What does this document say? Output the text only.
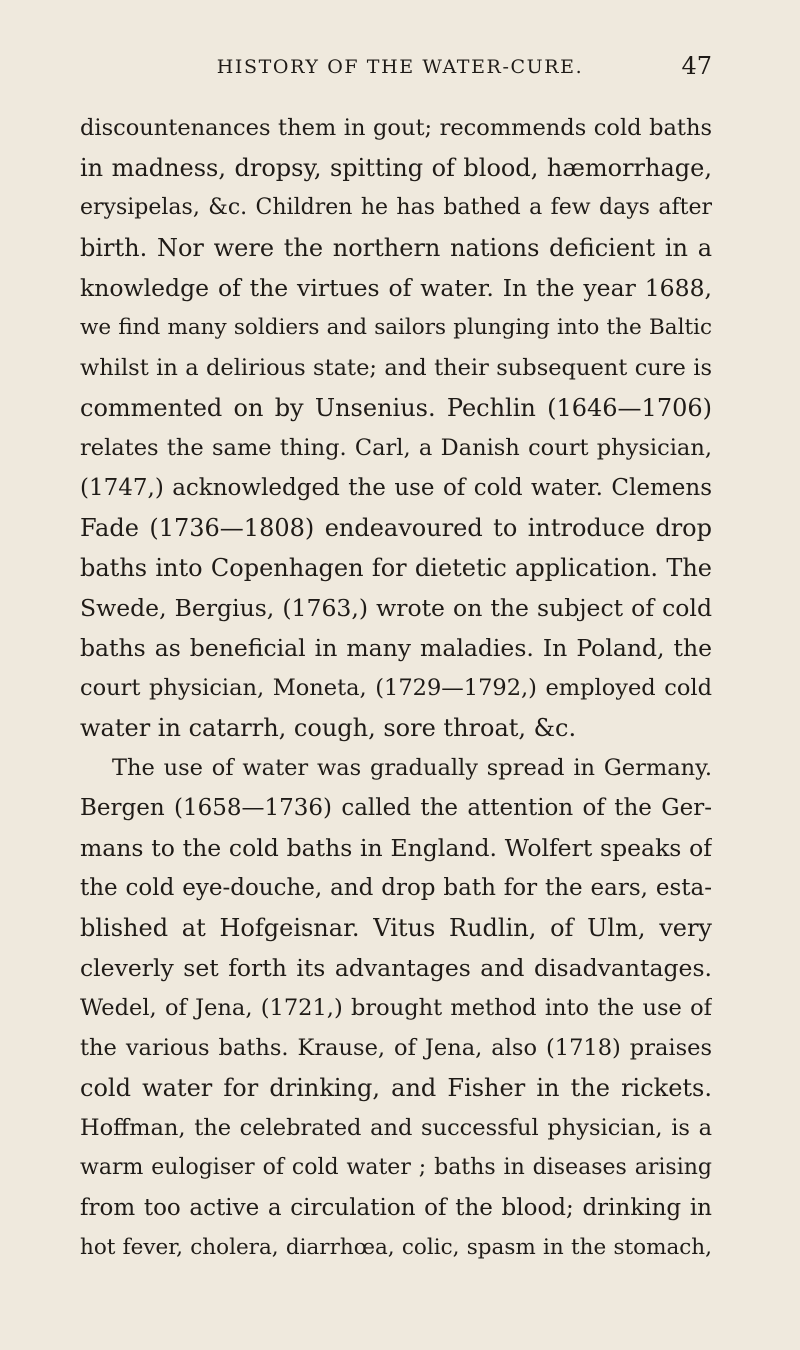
HISTORY OF THE WATER-CURE.	47
discountenances them in gout; recommends cold baths
in madness, dropsy, spitting of blood, hæmorrhage,
erysipelas, &c. Children he has bathed a few days after
birth. Nor were the northern nations deficient in a
knowledge of the virtues of water. In the year 1688,
we find many soldiers and sailors plunging into the Baltic
whilst in a delirious state; and their subsequent cure is
commented on by Unsenius. Pechlin (1646—1706)
relates the same thing. Carl, a Danish court physician,
(1747,) acknowledged the use of cold water. Clemens
Fade (1736—1808) endeavoured to introduce drop
baths into Copenhagen for dietetic application. The
Swede, Bergius, (1763,) wrote on the subject of cold
baths as beneficial in many maladies. In Poland, the
court physician, Moneta, (1729—1792,) employed cold
water in catarrh, cough, sore throat, &c.
The use of water was gradually spread in Germany.
Bergen (1658—1736) called the attention of the Ger-
mans to the cold baths in England. Wolfert speaks of
the cold eye-douche, and drop bath for the ears, esta-
blished at Hofgeisnar. Vitus Rudlin, of Ulm, very
cleverly set forth its advantages and disadvantages.
Wedel, of Jena, (1721,) brought method into the use of
the various baths. Krause, of Jena, also (1718) praises
cold water for drinking, and Fisher in the rickets.
Hoffman, the celebrated and successful physician, is a
warm eulogiser of cold water ; baths in diseases arising
from too active a circulation of the blood; drinking in
hot fever, cholera, diarrhœa, colic, spasm in the stomach,
